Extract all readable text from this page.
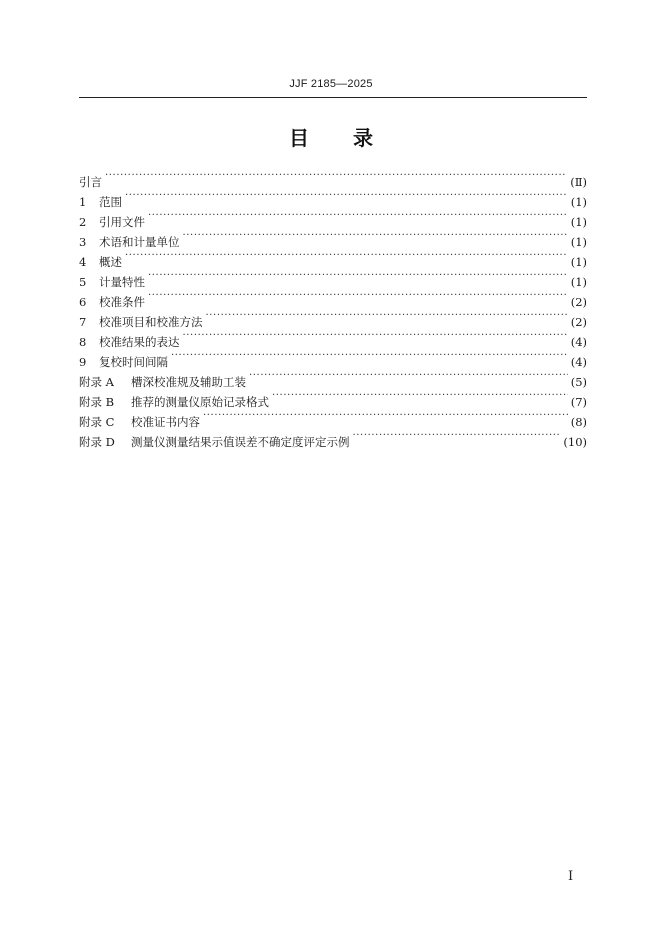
JJF 2185—2025
目 录
引言 ·····	(Ⅱ)
1	范围 ·····	(1)
2	引用文件 ·····	(1)
3	术语和计量单位 ·····	(1)
4	概述 ·····	(1)
5	计量特性 ·····	(1)
6	校准条件 ·····	(2)
7	校准项目和校准方法 ·····	(2)
8	校准结果的表达 ·····	(4)
9	复校时间间隔 ·····	(4)
附录 A	槽深校准规及辅助工装 ·····	(5)
附录 B	推荐的测量仪原始记录格式 ·····	(7)
附录 C	校准证书内容 ·····	(8)
附录 D	测量仪测量结果示值误差不确定度评定示例 ·····	(10)
I
